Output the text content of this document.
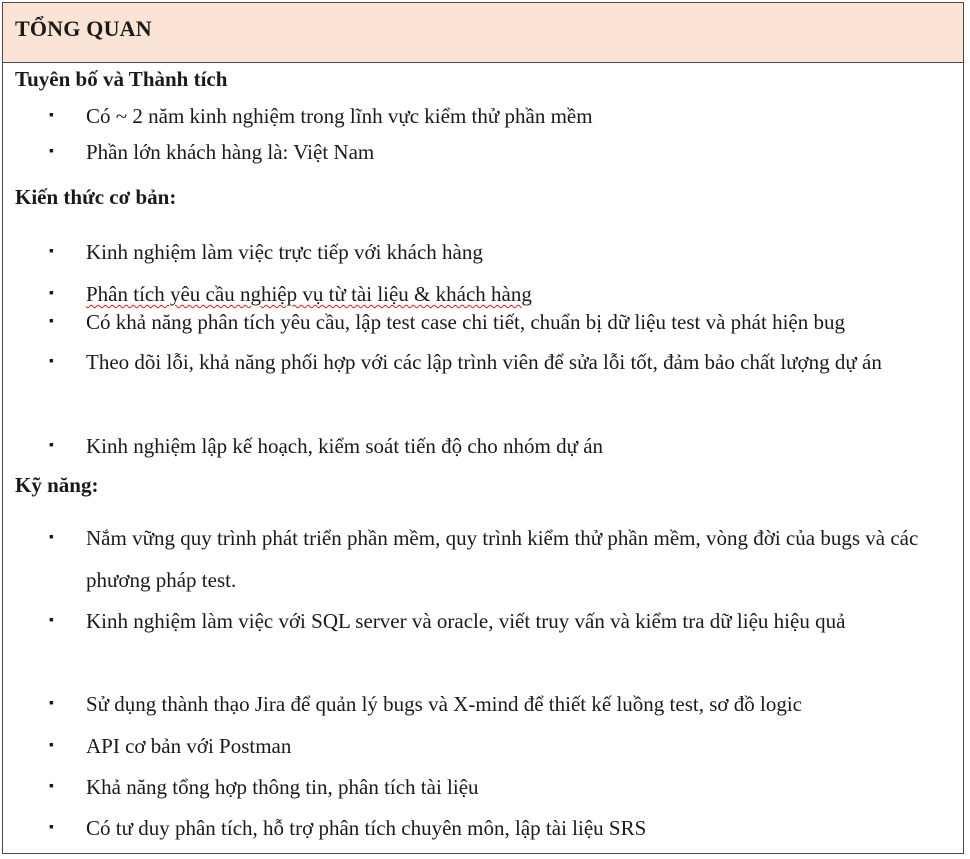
TỔNG QUAN
Tuyên bố và Thành tích
▪ Có ~ 2 năm kinh nghiệm trong lĩnh vực kiểm thử phần mềm
▪ Phần lớn khách hàng là: Việt Nam
Kiến thức cơ bản:
▪ Kinh nghiệm làm việc trực tiếp với khách hàng
▪ Phân tích yêu cầu nghiệp vụ từ tài liệu & khách hàng
▪ Có khả năng phân tích yêu cầu, lập test case chi tiết, chuẩn bị dữ liệu test và phát hiện bug
▪ Theo dõi lỗi, khả năng phối hợp với các lập trình viên để sửa lỗi tốt, đảm bảo chất lượng dự án
▪ Kinh nghiệm lập kế hoạch, kiểm soát tiến độ cho nhóm dự án
Kỹ năng:
▪ Nắm vững quy trình phát triển phần mềm, quy trình kiểm thử phần mềm, vòng đời của bugs và các phương pháp test.
▪ Kinh nghiệm làm việc với SQL server và oracle, viết truy vấn và kiểm tra dữ liệu hiệu quả
▪ Sử dụng thành thạo Jira để quản lý bugs và X-mind để thiết kế luồng test, sơ đồ logic
▪ API cơ bản với Postman
▪ Khả năng tổng hợp thông tin, phân tích tài liệu
▪ Có tư duy phân tích, hỗ trợ phân tích chuyên môn, lập tài liệu SRS
